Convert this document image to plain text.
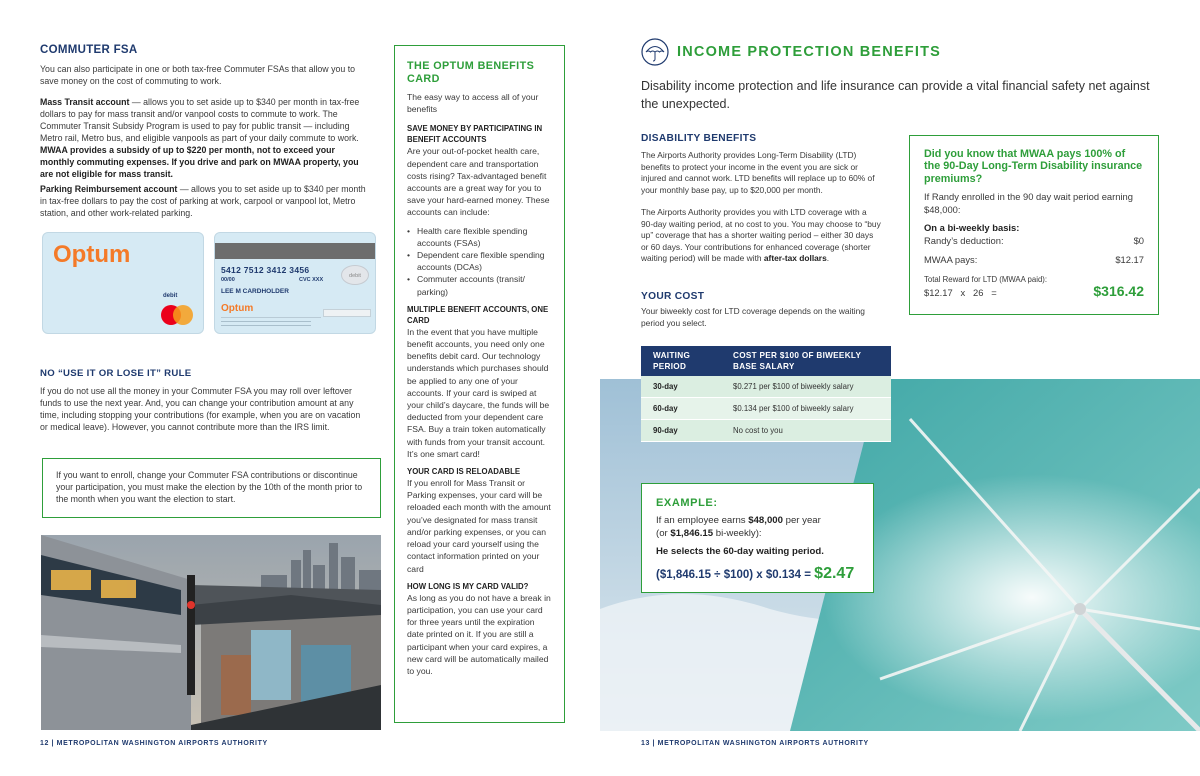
COMMUTER FSA
You can also participate in one or both tax-free Commuter FSAs that allow you to save money on the cost of commuting to work.
Mass Transit account — allows you to set aside up to $340 per month in tax-free dollars to pay for mass transit and/or vanpool costs to commute to work. The Commuter Transit Subsidy Program is used to pay for public transit — including Metro rail, Metro bus, and eligible vanpools as part of your daily commute to work. MWAA provides a subsidy of up to $220 per month, not to exceed your monthly commuting expenses. If you drive and park on MWAA property, you are not eligible for mass transit.
Parking Reimbursement account — allows you to set aside up to $340 per month in tax-free dollars to pay the cost of parking at work, carpool or vanpool lot, Metro station, and other work-related parking.
Optum
debit
5412 7512 3412 3456
00/00	CVC XXX
LEE M CARDHOLDER
debit
Optum
NO “USE IT OR LOSE IT” RULE
If you do not use all the money in your Commuter FSA you may roll over leftover funds to use the next year. And, you can change your contribution amount at any time, including stopping your contributions (for example, when you are on vacation or medical leave). However, you cannot contribute more than the IRS limit.
If you want to enroll, change your Commuter FSA contributions or discontinue your participation, you must make the election by the 10th of the month prior to the month when you want the election to start.
12 | METROPOLITAN WASHINGTON AIRPORTS AUTHORITY
THE OPTUM BENEFITS CARD

The easy way to access all of your benefits

SAVE MONEY BY PARTICIPATING IN BENEFIT ACCOUNTS

Are your out-of-pocket health care, dependent care and transportation costs rising? Tax-advantaged benefit accounts are a great way for you to save your hard-earned money. These accounts can include:

• Health care flexible spending accounts (FSAs)
• Dependent care flexible spending accounts (DCAs)
• Commuter accounts (transit/ parking)
MULTIPLE BENEFIT ACCOUNTS, ONE CARD

In the event that you have multiple benefit accounts, you need only one benefits debit card. Our technology understands which purchases should be applied to any one of your accounts. If your card is swiped at your child’s daycare, the funds will be deducted from your dependent care FSA. Buy a train token automatically with funds from your transit account. It’s one smart card!

YOUR CARD IS RELOADABLE

If you enroll for Mass Transit or Parking expenses, your card will be reloaded each month with the amount you’ve designated for mass transit and/or parking expenses, or you can reload your card yourself using the contact information printed on your card

HOW LONG IS MY CARD VALID?

As long as you do not have a break in participation, you can use your card for three years until the expiration date printed on it. If you are still a participant when your card expires, a new card will be automatically mailed to you.

INCOME PROTECTION BENEFITS
Disability income protection and life insurance can provide a vital financial safety net against the unexpected.
DISABILITY BENEFITS
The Airports Authority provides Long-Term Disability (LTD) benefits to protect your income in the event you are sick or injured and cannot work. LTD benefits will replace up to 60% of your monthly base pay, up to $20,000 per month.
The Airports Authority provides you with LTD coverage with a 90-day waiting period, at no cost to you. You may choose to “buy up” coverage that has a shorter waiting period – either 30 days or 60 days. Your contributions for enhanced coverage (shorter waiting period) will be made with after-tax dollars.
YOUR COST
Your biweekly cost for LTD coverage depends on the waiting period you select.
Did you know that MWAA pays 100% of the 90-Day Long-Term Disability insurance premiums?
If Randy enrolled in the 90 day wait period earning $48,000:
On a bi-weekly basis:
Randy’s deduction:	$0
MWAA pays:	$12.17
Total Reward for LTD (MWAA paid):
$12.17   x   26   =	$316.42
WAITING PERIOD	COST PER $100 OF BIWEEKLY BASE SALARY
30-day	$0.271 per $100 of biweekly salary
60-day	$0.134 per $100 of biweekly salary
90-day	No cost to you
EXAMPLE:
If an employee earns $48,000 per year
(or $1,846.15 bi-weekly):
He selects the 60-day waiting period.
($1,846.15 ÷ $100) x $0.134 = $2.47
13 | METROPOLITAN WASHINGTON AIRPORTS AUTHORITY
